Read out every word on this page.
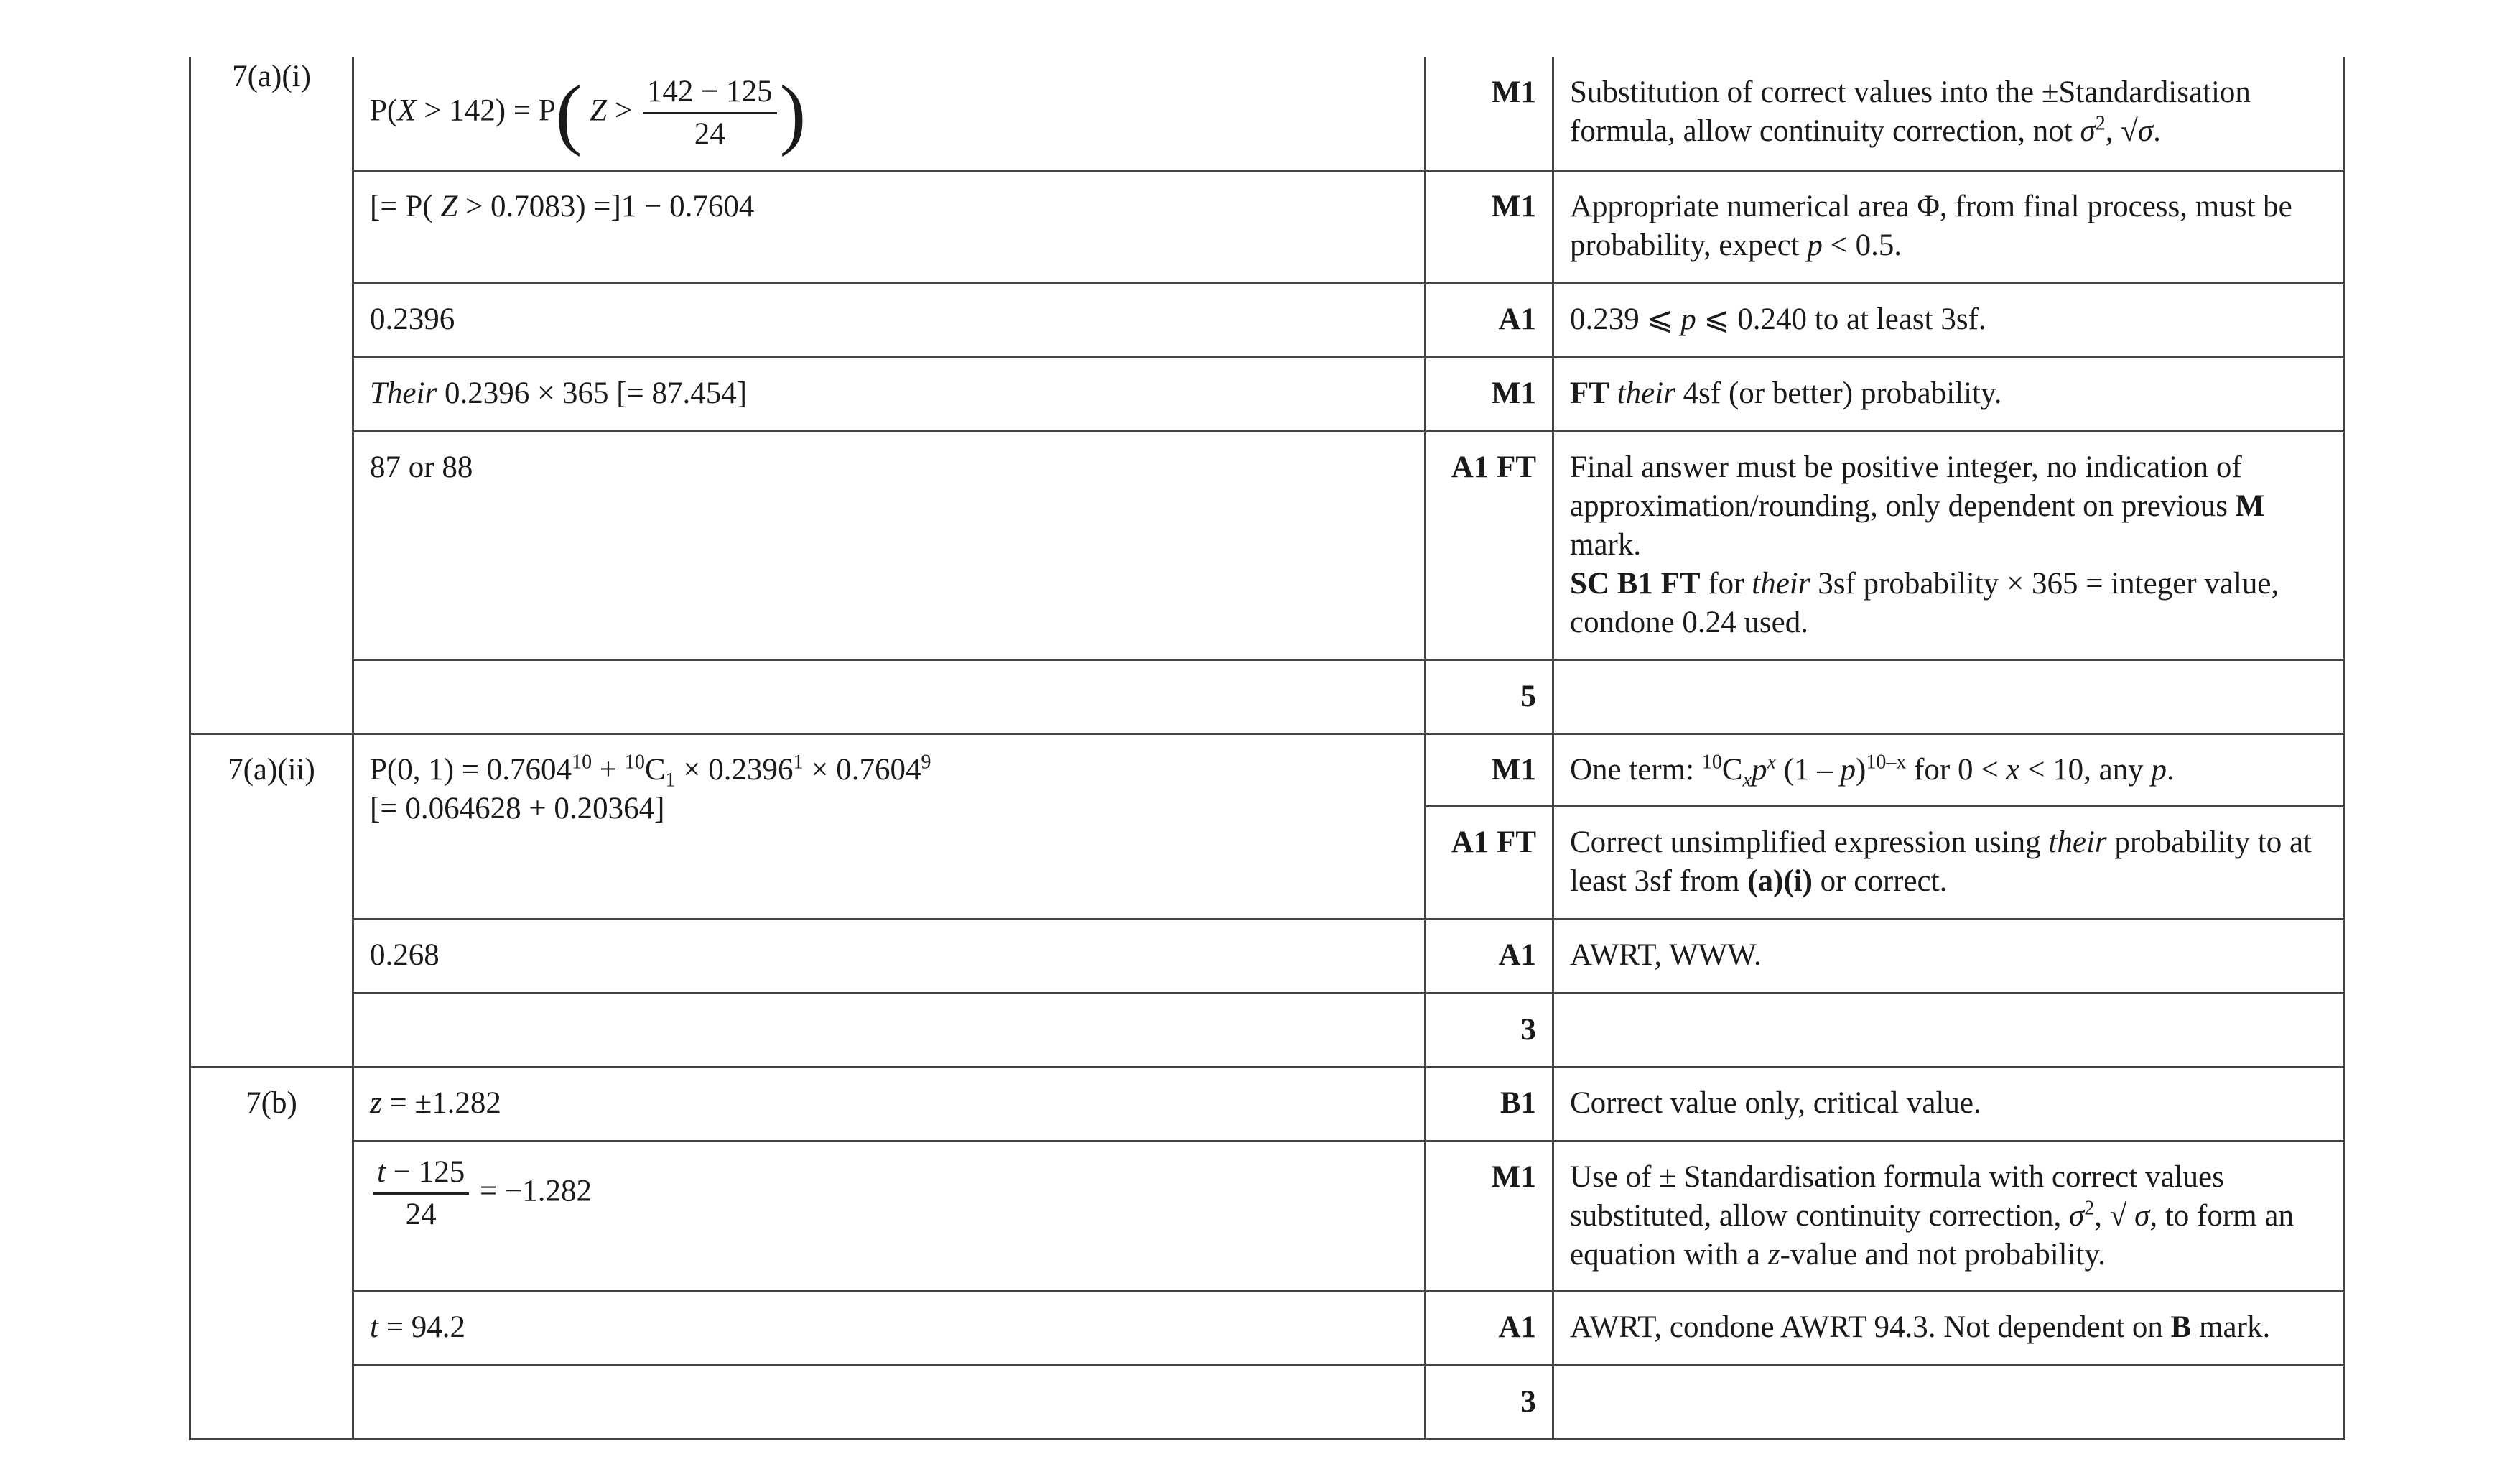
7(a)(i)	P(X > 142) = P( $Z > \frac{142 - 125}{24}$ )	M1	Substitution of correct values into the ±Standardisation formula, allow continuity correction, not $\sigma^2$, √σ.
	[= P( Z > 0.7083) =]1 − 0.7604	M1	Appropriate numerical area Φ, from final process, must be probability, expect p < 0.5.
	0.2396	A1	0.239 ⩽ p ⩽ 0.240 to at least 3sf.
	Their 0.2396 × 365 [= 87.454]	M1	FT their 4sf (or better) probability.
	87 or 88	A1 FT	Final answer must be positive integer, no indication of approximation/rounding, only dependent on previous M mark.
SC B1 FT for their 3sf probability × 365 = integer value, condone 0.24 used.
		5	
7(a)(ii)	P(0, $1) = 0.7604^{10} + ^{10}C_1 \times 0.2396^1 \times 0.7604^9$
[= 0.064628 + 0.20364]	M1	One term: $^{10}C_xp^x$ (1 – p)$^{10-x}$ for 0 < x < 10, any p.
		A1 FT	Correct unsimplified expression using their probability to at least 3sf from (a)(i) or correct.
	0.268	A1	AWRT, WWW.
		3	
7(b)	z = ±1.282	B1	Correct value only, critical value.

	$\frac{t - 125}{24} = -1.282$	M1	Use of ± Standardisation formula with correct values substituted, allow continuity correction, $\sigma^2$, √ σ, to form an equation with a z-value and not probability.
	t = 94.2	A1	AWRT, condone AWRT 94.3. Not dependent on B mark.
		3	
